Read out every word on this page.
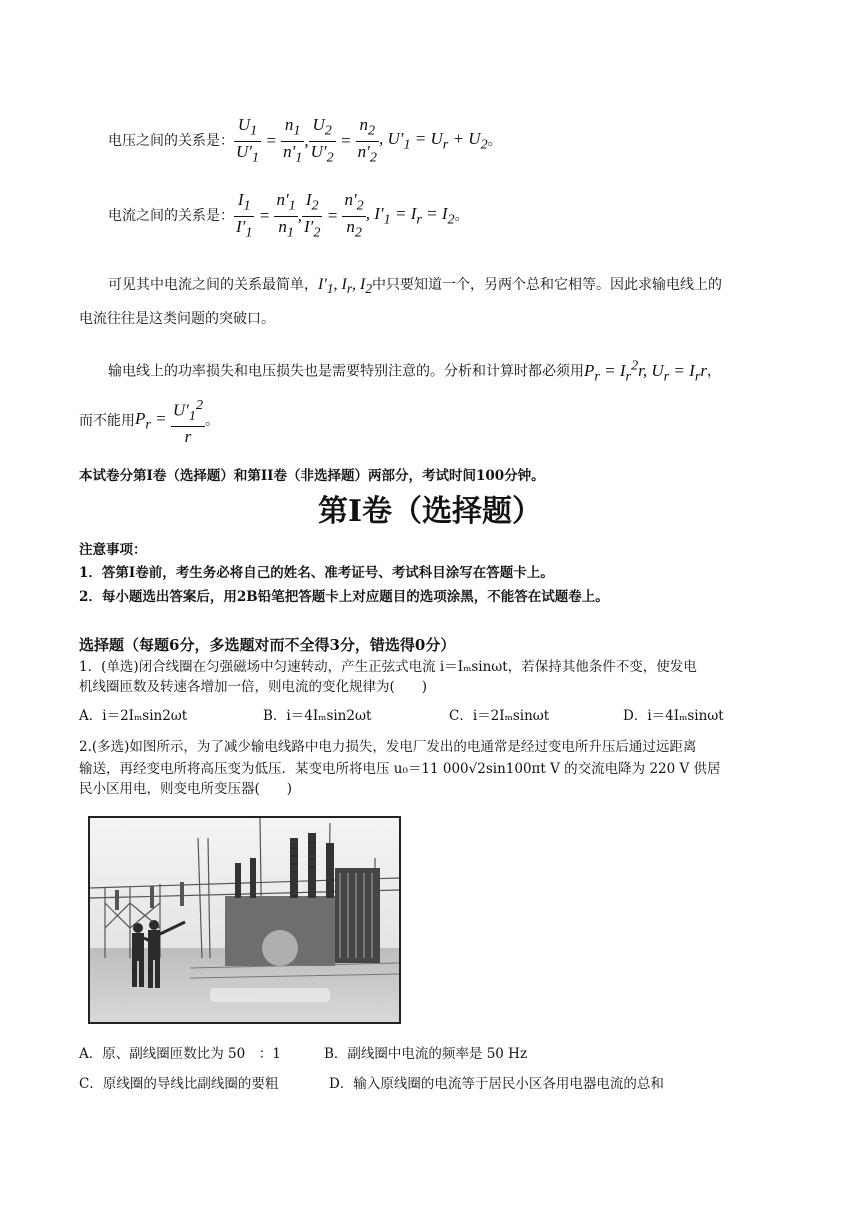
电压之间的关系是： $\frac{U_1}{U'_1} = \frac{n_1}{n'_1}$ , $\frac{U_2}{U'_2} = \frac{n_2}{n'_2}$ , $U'_1 = U_r + U_2$ 。
电流之间的关系是： $\frac{I_1}{I'_1} = \frac{n'_1}{n_1}$ , $\frac{I_2}{I'_2} = \frac{n'_2}{n_2}$ , $I'_1 = I_r = I_2$ 。
可见其中电流之间的关系最简单，$I'_1$, $I_r$, $I_2$中只要知道一个，另两个总和它相等。因此求输电线上的
电流往往是这类问题的突破口。
输电线上的功率损失和电压损失也是需要特别注意的。分析和计算时都必须用$P_r = I_r^2r$, $U_r = I_rr$，
而不能用 $P_r = \frac{U'_1^2}{r}$ 。
本试卷分第Ⅰ卷（选择题）和第II卷（非选择题）两部分，考试时间100分钟。
第Ⅰ卷（选择题）
注意事项：
1．答第Ⅰ卷前，考生务必将自己的姓名、准考证号、考试科目涂写在答题卡上。
2．每小题选出答案后，用2B铅笔把答题卡上对应题目的选项涂黑，不能答在试题卷上。
选择题（每题6分，多选题对而不全得3分，错选得0分）
1．(单选)闭合线圈在匀强磁场中匀速转动，产生正弦式电流 i＝Iₘsinωt，若保持其他条件不变，使发电
机线圈匝数及转速各增加一倍，则电流的变化规律为(　　)
A．i＝2Iₘsin2ωt	B．i＝4Iₘsin2ωt	C．i＝2Iₘsinωt	D．i＝4Iₘsinωt
2.(多选)如图所示，为了减少输电线路中电力损失，发电厂发出的电通常是经过变电所升压后通过远距离
输送，再经变电所将高压变为低压．某变电所将电压 u₀＝11 000√2sin100πt V 的交流电降为 220 V 供居
民小区用电，则变电所变压器(　　)
A．原、副线圈匝数比为 50　：1	B．副线圈中电流的频率是 50 Hz
C．原线圈的导线比副线圈的要粗	D．输入原线圈的电流等于居民小区各用电器电流的总和
